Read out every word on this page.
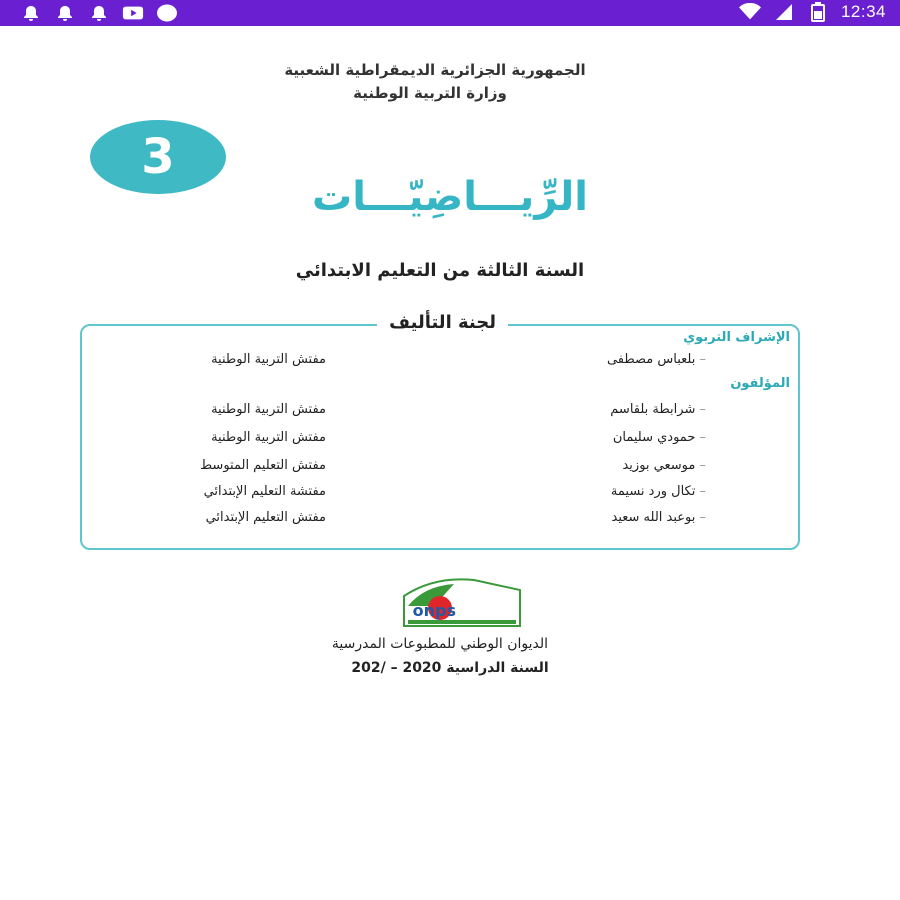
12:34
الجمهورية الجزائرية الديمقراطية الشعبية
وزارة التربية الوطنية
3
الرِّيـــاضِيّـــات
السنة الثالثة من التعليم الابتدائي
لجنة التأليف
الإشراف التربوي
– بلعباس مصطفى
مفتش التربية الوطنية
المؤلفون
– شرابطة بلقاسم
مفتش التربية الوطنية
– حمودي سليمان
مفتش التربية الوطنية
– موسعي بوزيد
مفتش التعليم المتوسط
– تكال ورد نسيمة
مفتشة التعليم الإبتدائي
– بوعبد الله سعيد
مفتش التعليم الإبتدائي
onps
الديوان الوطني للمطبوعات المدرسية
السنة الدراسية 2020 – /202
